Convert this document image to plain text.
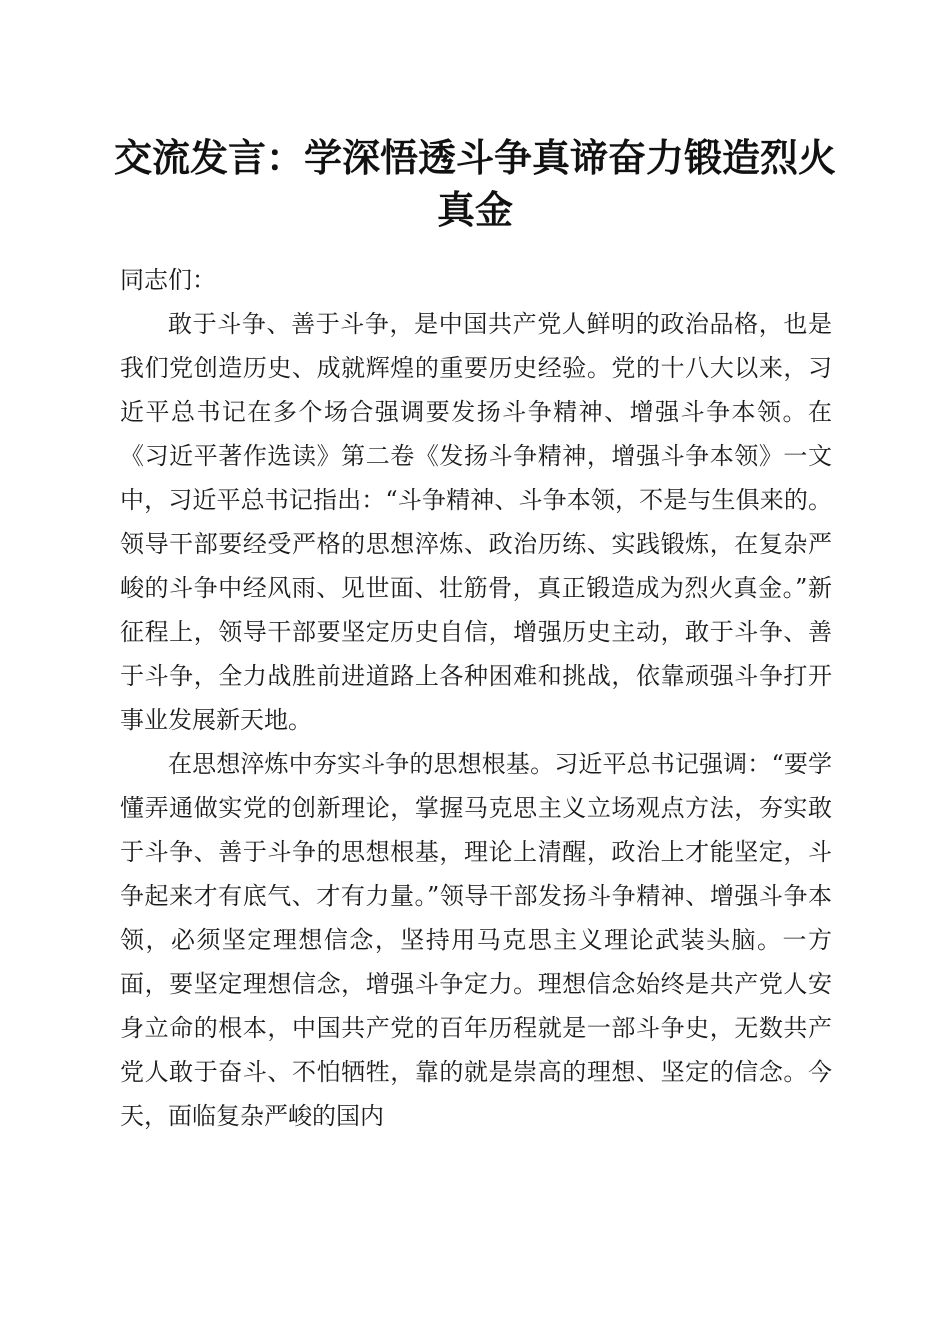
交流发言：学深悟透斗争真谛奋力锻造烈火真金

同志们：

敢于斗争、善于斗争，是中国共产党人鲜明的政治品格，也是我们党创造历史、成就辉煌的重要历史经验。党的十八大以来，习近平总书记在多个场合强调要发扬斗争精神、增强斗争本领。在《习近平著作选读》第二卷《发扬斗争精神，增强斗争本领》一文中，习近平总书记指出：“斗争精神、斗争本领，不是与生俱来的。领导干部要经受严格的思想淬炼、政治历练、实践锻炼，在复杂严峻的斗争中经风雨、见世面、壮筋骨，真正锻造成为烈火真金。”新征程上，领导干部要坚定历史自信，增强历史主动，敢于斗争、善于斗争，全力战胜前进道路上各种困难和挑战，依靠顽强斗争打开事业发展新天地。

在思想淬炼中夯实斗争的思想根基。习近平总书记强调：“要学懂弄通做实党的创新理论，掌握马克思主义立场观点方法，夯实敢于斗争、善于斗争的思想根基，理论上清醒，政治上才能坚定，斗争起来才有底气、才有力量。”领导干部发扬斗争精神、增强斗争本领，必须坚定理想信念，坚持用马克思主义理论武装头脑。一方面，要坚定理想信念，增强斗争定力。理想信念始终是共产党人安身立命的根本，中国共产党的百年历程就是一部斗争史，无数共产党人敢于奋斗、不怕牺牲，靠的就是崇高的理想、坚定的信念。今天，面临复杂严峻的国内
